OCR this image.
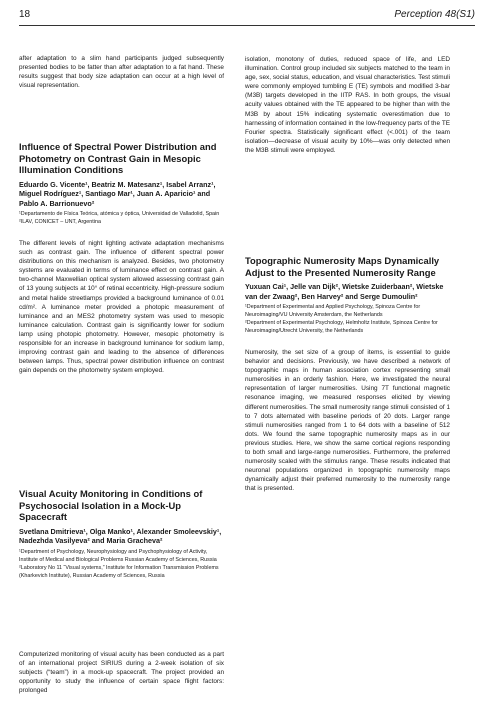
18	Perception 48(S1)

after adaptation to a slim hand participants judged subsequently presented bodies to be fatter than after adaptation to a fat hand. These results suggest that body size adaptation can occur at a high level of visual representation.

Influence of Spectral Power Distribution and Photometry on Contrast Gain in Mesopic Illumination Conditions

Eduardo G. Vicente¹, Beatriz M. Matesanz¹, Isabel Arranz¹, Miguel Rodríguez¹, Santiago Mar¹, Juan A. Aparicio¹ and Pablo A. Barrionuevo²

¹Departamento de Física Teórica, atómica y óptica, Universidad de Valladolid, Spain

²ILAV, CONICET – UNT, Argentina

The different levels of night lighting activate adaptation mechanisms such as contrast gain. The influence of different spectral power distributions on this mechanism is analyzed. Besides, two photometry systems are evaluated in terms of luminance effect on contrast gain. A two-channel Maxwellian optical system allowed assessing contrast gain of 13 young subjects at 10° of retinal eccentricity. High-pressure sodium and metal halide streetlamps provided a background luminance of 0.01 cd/m². A luminance meter provided a photopic measurement of luminance and an MES2 photometry system was used to mesopic luminance calculation. Contrast gain is significantly lower for sodium lamp using photopic photometry. However, mesopic photometry is responsible for an increase in background luminance for sodium lamp, improving contrast gain and leading to the absence of differences between lamps. Thus, spectral power distribution influence on contrast gain depends on the photometry system employed.

Visual Acuity Monitoring in Conditions of Psychosocial Isolation in a Mock-Up Spacecraft

Svetlana Dmitrieva¹, Olga Manko¹, Alexander Smoleevskiy¹, Nadezhda Vasilyeva² and Maria Gracheva²

¹Department of Psychology, Neurophysiology and Psychophysiology of Activity, Institute of Medical and Biological Problems Russian Academy of Sciences, Russia

²Laboratory No 11 “Visual systems,” Institute for Information Transmission Problems (Kharkevich Institute), Russian Academy of Sciences, Russia

Computerized monitoring of visual acuity has been conducted as a part of an international project SIRIUS during a 2-week isolation of six subjects (“team”) in a mock-up spacecraft. The project provided an opportunity to study the influence of certain space flight factors: prolonged

isolation, monotony of duties, reduced space of life, and LED illumination. Control group included six subjects matched to the team in age, sex, social status, education, and visual characteristics. Test stimuli were commonly employed tumbling E (TE) symbols and modified 3-bar (M3B) targets developed in the IITP RAS. In both groups, the visual acuity values obtained with the TE appeared to be higher than with the M3B by about 15% indicating systematic overestimation due to harnessing of information contained in the low-frequency parts of the TE Fourier spectra. Statistically significant effect (<.001) of the team isolation—decrease of visual acuity by 10%—was only detected when the M3B stimuli were employed.

Topographic Numerosity Maps Dynamically Adjust to the Presented Numerosity Range

Yuxuan Cai¹, Jelle van Dijk², Wietske Zuiderbaan², Wietske van der Zwaag², Ben Harvey² and Serge Dumoulin²

¹Department of Experimental and Applied Psychology, Spinoza Centre for Neuroimaging/VU University Amsterdam, the Netherlands

²Department of Experimental Psychology, Helmholtz Institute, Spinoza Centre for Neuroimaging/Utrecht University, the Netherlands

Numerosity, the set size of a group of items, is essential to guide behavior and decisions. Previously, we have described a network of topographic maps in human association cortex representing small numerosities in an orderly fashion. Here, we investigated the neural representation of larger numerosities. Using 7T functional magnetic resonance imaging, we measured responses elicited by viewing different numerosities. The small numerosity range stimuli consisted of 1 to 7 dots alternated with baseline periods of 20 dots. Larger range stimuli numerosities ranged from 1 to 64 dots with a baseline of 512 dots. We found the same topographic numerosity maps as in our previous studies. Here, we show the same cortical regions responding to both small and large-range numerosities. Furthermore, the preferred numerosity scaled with the stimulus range. These results indicated that neuronal populations organized in topographic numerosity maps dynamically adjust their preferred numerosity to the numerosity range that is presented.
